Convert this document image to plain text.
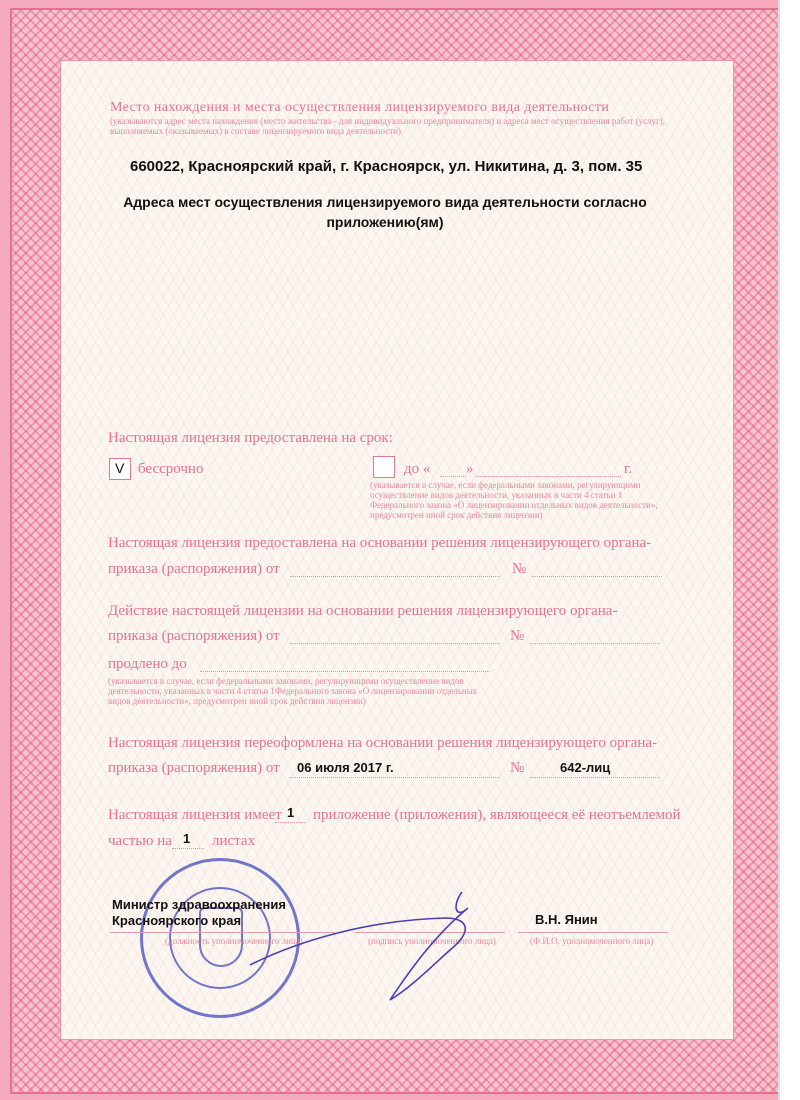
Место нахождения и места осуществления лицензируемого вида деятельности
(указываются адрес места нахождения (место жительства - для индивидуального предпринимателя) и адреса мест осуществления работ (услуг), выполняемых (оказываемых) в составе лицензируемого вида деятельности)
660022, Красноярский край, г. Красноярск, ул. Никитина, д. 3, пом. 35
Адреса мест осуществления лицензируемого вида деятельности согласно приложению(ям)
Настоящая лицензия предоставлена на срок:
V бессрочно	до « »	г.
(указывается в случае, если федеральными законами, регулирующими осуществление видов деятельности, указанных в части 4 статьи 1 Федерального закона «О лицензировании отдельных видов деятельности», предусмотрен иной срок действия лицензии)
Настоящая лицензия предоставлена на основании решения лицензирующего органа-
приказа (распоряжения) от	№
Действие настоящей лицензии на основании решения лицензирующего органа-
приказа (распоряжения) от	№
продлено до
(указывается в случае, если федеральными законами, регулирующими осуществление видов деятельности, указанных в части 4 статьи 1Федерального закона «О лицензировании отдельных видов деятельности», предусмотрен иной срок действия лицензии)
Настоящая лицензия переоформлена на основании решения лицензирующего органа-
приказа (распоряжения) от 06 июля 2017 г.	№	642-лиц
Настоящая лицензия имеет 1 приложение (приложения), являющееся её неотъемлемой
частью на 1 листах
Министр здравоохранения
Красноярского края
(должность уполномоченного лица)	(подпись уполномоченного лица)
В.Н. Янин
(Ф.И.О. уполномоченного лица)
